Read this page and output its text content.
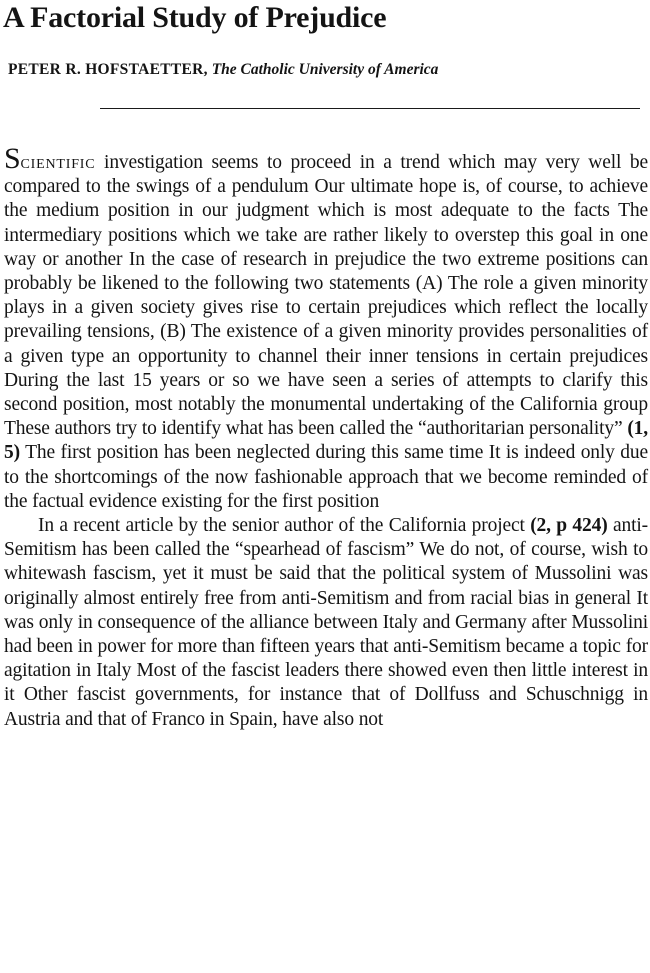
A Factorial Study of Prejudice
PETER R. HOFSTAETTER, The Catholic University of America

Scientific investigation seems to proceed in a trend which may very well be compared to the swings of a pendulum Our ultimate hope is, of course, to achieve the medium position in our judgment which is most adequate to the facts The intermediary positions which we take are rather likely to overstep this goal in one way or another In the case of research in prejudice the two extreme positions can probably be likened to the following two statements (A) The role a given minority plays in a given society gives rise to certain prejudices which reflect the locally prevailing tensions, (B) The existence of a given minority provides personalities of a given type an opportunity to channel their inner tensions in certain prejudices During the last 15 years or so we have seen a series of attempts to clarify this second position, most notably the monumental undertaking of the California group These authors try to identify what has been called the “authoritarian personality” (1, 5) The first position has been neglected during this same time It is indeed only due to the shortcomings of the now fashionable approach that we become reminded of the factual evidence existing for the first position

In a recent article by the senior author of the California project (2, p 424) anti-Semitism has been called the “spearhead of fascism” We do not, of course, wish to whitewash fascism, yet it must be said that the political system of Mussolini was originally almost entirely free from anti-Semitism and from racial bias in general It was only in consequence of the alliance between Italy and Germany after Mussolini had been in power for more than fifteen years that anti-Semitism became a topic for agitation in Italy Most of the fascist leaders there showed even then little interest in it Other fascist governments, for instance that of Dollfuss and Schuschnigg in Austria and that of Franco in Spain, have also not
